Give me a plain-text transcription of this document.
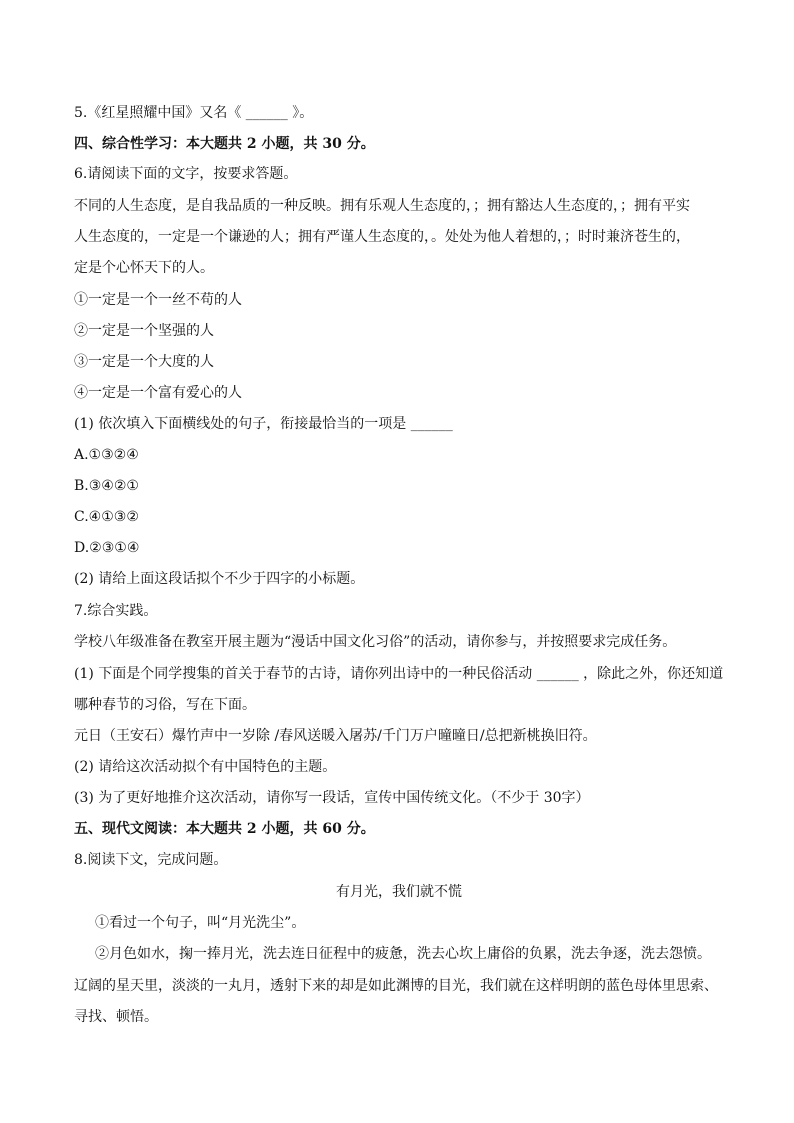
5.《红星照耀中国》又名《 ______ 》。
四、综合性学习：本大题共 2 小题，共 30 分。
6.请阅读下面的文字，按要求答题。
不同的人生态度，是自我品质的一种反映。拥有乐观人生态度的，；拥有豁达人生态度的，；拥有平实
人生态度的，一定是一个谦逊的人；拥有严谨人生态度的，。处处为他人着想的，；时时兼济苍生的，
定是个心怀天下的人。
①一定是一个一丝不苟的人
②一定是一个坚强的人
③一定是一个大度的人
④一定是一个富有爱心的人
(1) 依次填入下面横线处的句子，衔接最恰当的一项是 ______
A.①③②④
B.③④②①
C.④①③②
D.②③①④
(2) 请给上面这段话拟个不少于四字的小标题。
7.综合实践。
学校八年级准备在教室开展主题为“漫话中国文化习俗”的活动，请你参与，并按照要求完成任务。
(1) 下面是个同学搜集的首关于春节的古诗，请你列出诗中的一种民俗活动 ______ ，除此之外，你还知道
哪种春节的习俗，写在下面。
元日（王安石）爆竹声中一岁除 /春风送暖入屠苏/千门万户曈曈日/总把新桃换旧符。
(2) 请给这次活动拟个有中国特色的主题。
(3) 为了更好地推介这次活动，请你写一段话，宣传中国传统文化。（不少于 30字）
五、现代文阅读：本大题共 2 小题，共 60 分。
8.阅读下文，完成问题。
有月光，我们就不慌
①看过一个句子，叫“月光洗尘”。
②月色如水，掬一捧月光，洗去连日征程中的疲惫，洗去心坎上庸俗的负累，洗去争逐，洗去怨愤。
辽阔的星天里，淡淡的一丸月，透射下来的却是如此渊博的目光，我们就在这样明朗的蓝色母体里思索、
寻找、顿悟。
